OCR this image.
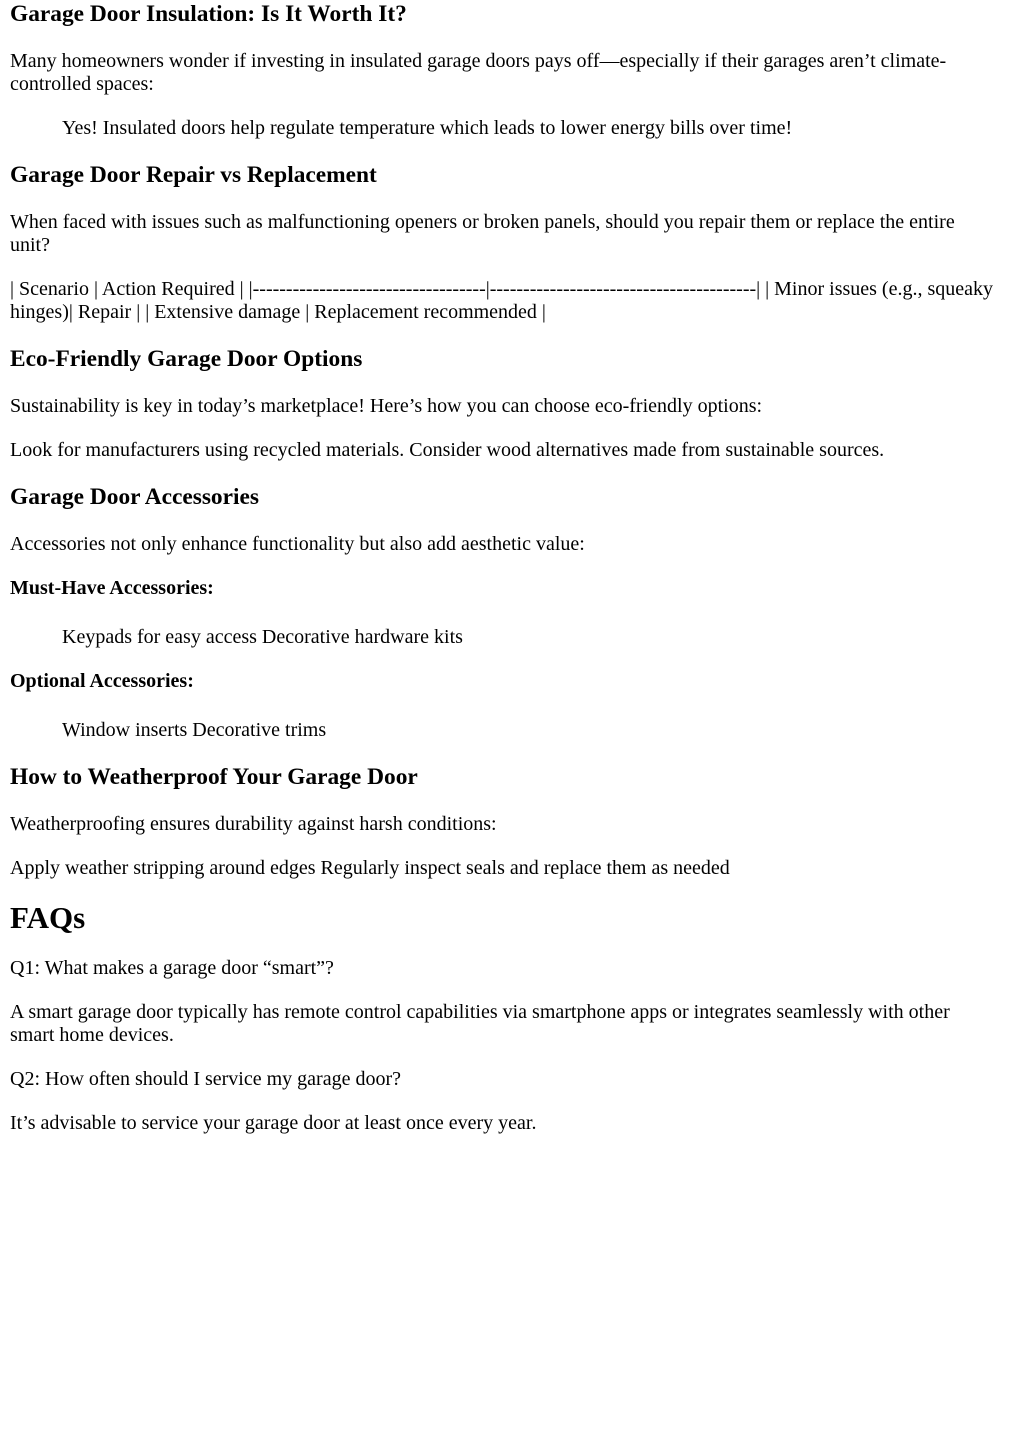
Garage Door Insulation: Is It Worth It?

Many homeowners wonder if investing in insulated garage doors pays off—especially if their garages aren’t climate-controlled spaces:

Yes! Insulated doors help regulate temperature which leads to lower energy bills over time!
Garage Door Repair vs Replacement

When faced with issues such as malfunctioning openers or broken panels, should you repair them or replace the entire unit?

| Scenario | Action Required | |-----------------------------------|----------------------------------------| | Minor issues (e.g., squeaky hinges)| Repair | | Extensive damage | Replacement recommended |

Eco-Friendly Garage Door Options

Sustainability is key in today’s marketplace! Here’s how you can choose eco-friendly options:

Look for manufacturers using recycled materials. Consider wood alternatives made from sustainable sources.

Garage Door Accessories

Accessories not only enhance functionality but also add aesthetic value:

Must-Have Accessories:
Keypads for easy access Decorative hardware kits
Optional Accessories:
Window inserts Decorative trims
How to Weatherproof Your Garage Door

Weatherproofing ensures durability against harsh conditions:

Apply weather stripping around edges Regularly inspect seals and replace them as needed

FAQs

Q1: What makes a garage door “smart”?

A smart garage door typically has remote control capabilities via smartphone apps or integrates seamlessly with other smart home devices.

Q2: How often should I service my garage door?

It’s advisable to service your garage door at least once every year.
